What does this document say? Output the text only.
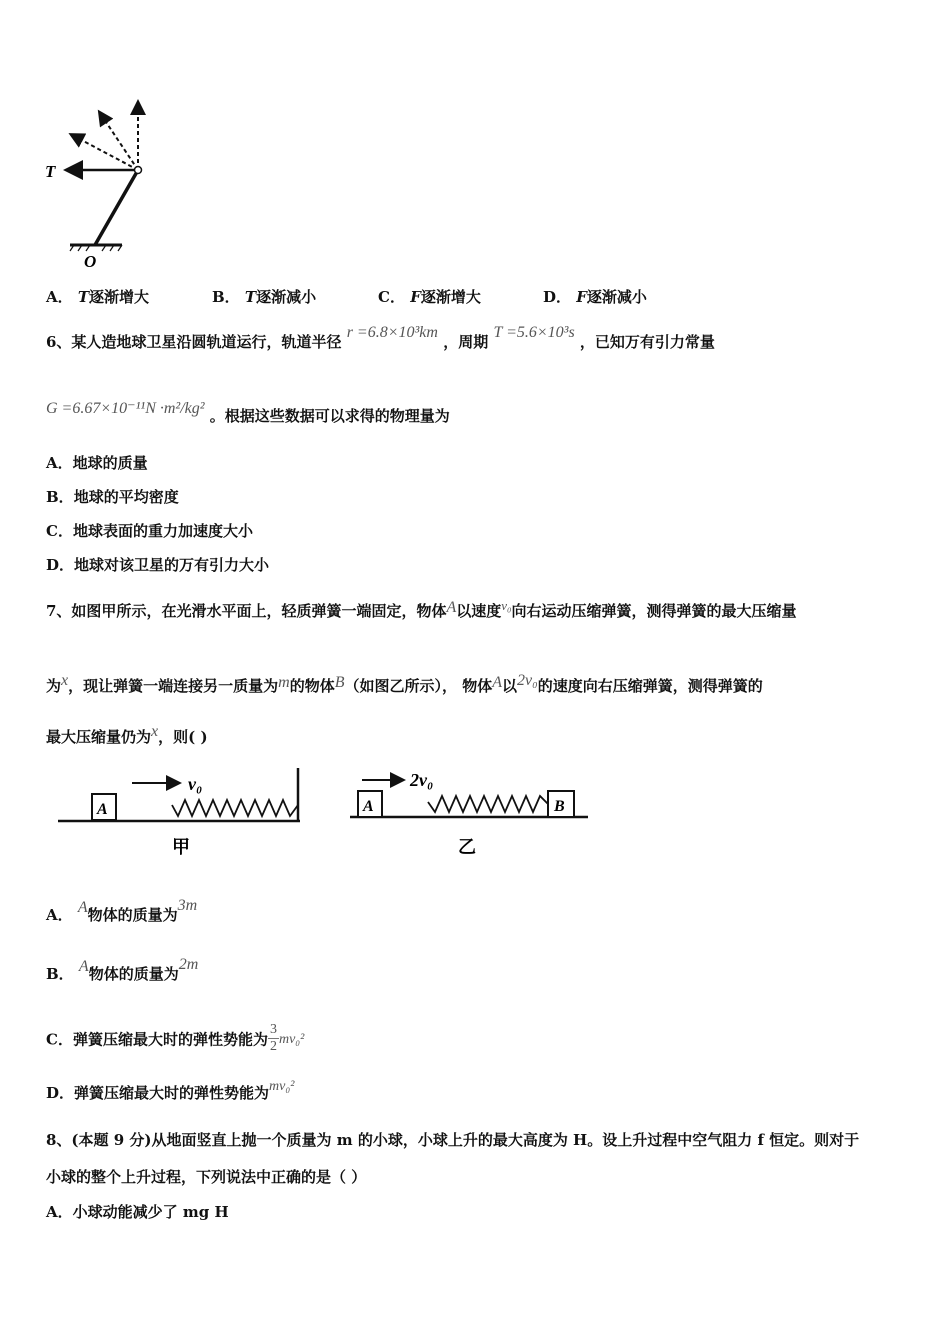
T
O
A． T逐渐增大	B． T逐渐减小	C． F逐渐增大	D． F逐渐减小
6、某人造地球卫星沿圆轨道运行，轨道半径 r =6.8×10³km ，周期 T =5.6×10³s ，已知万有引力常量
G =6.67×10⁻¹¹N ·m²/kg² 。根据这些数据可以求得的物理量为
A．地球的质量
B．地球的平均密度
C．地球表面的重力加速度大小
D．地球对该卫星的万有引力大小
7、如图甲所示，在光滑水平面上，轻质弹簧一端固定，物体A以速度v₀向右运动压缩弹簧，测得弹簧的最大压缩量
为x，现让弹簧一端连接另一质量为m的物体B（如图乙所示）， 物体A以2v₀的速度向右压缩弹簧，测得弹簧的
最大压缩量仍为x，则( )
A
v₀
甲
A	B
2v₀
乙
A． A物体的质量为3m
B． A物体的质量为2m
C．弹簧压缩最大时的弹性势能为 $\frac{3}{2} mv_0^2$
D．弹簧压缩最大时的弹性势能为mv₀²
8、(本题 9 分)从地面竖直上抛一个质量为 m 的小球，小球上升的最大高度为 H。设上升过程中空气阻力 f 恒定。则对于
小球的整个上升过程，下列说法中正确的是（ ）
A．小球动能减少了 mg H
